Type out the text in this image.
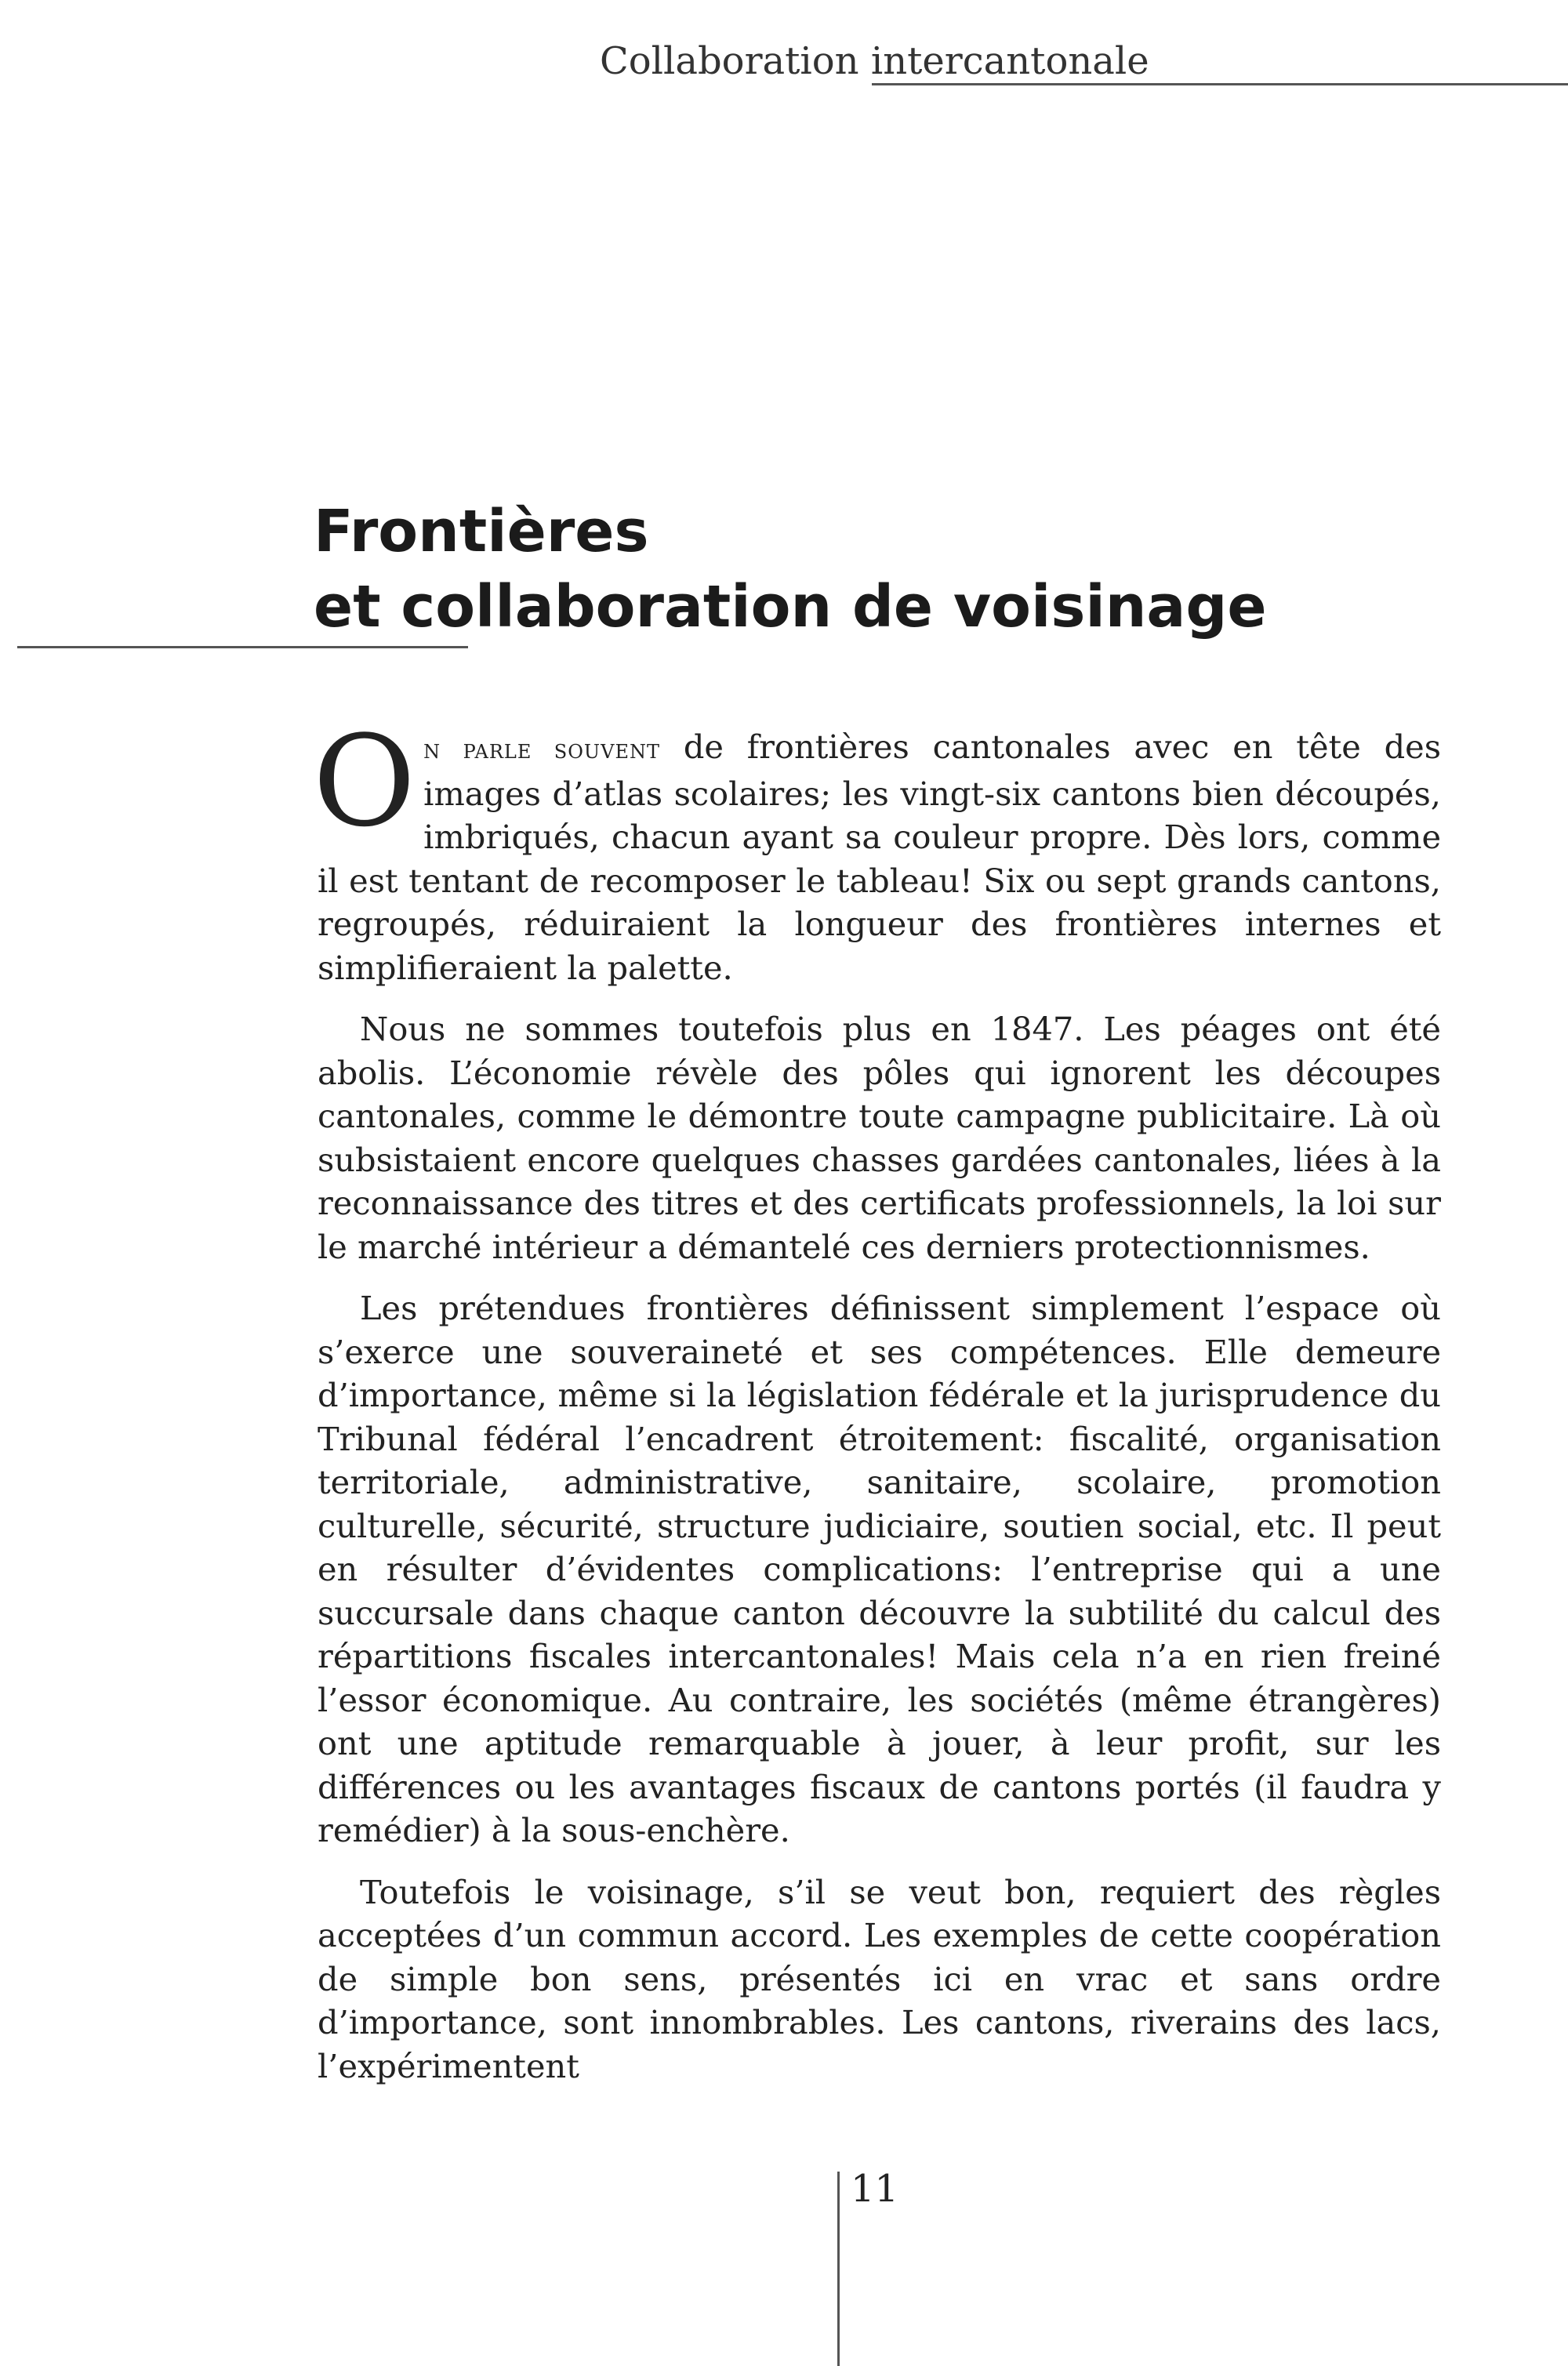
Collaboration intercantonale
Frontières
et collaboration de voisinage

On parle souvent de frontières cantonales avec en tête des images d’atlas scolaires; les vingt-six cantons bien découpés, imbriqués, chacun ayant sa couleur propre. Dès lors, comme il est tentant de recomposer le tableau! Six ou sept grands cantons, regroupés, réduiraient la longueur des frontières internes et simplifieraient la palette.

Nous ne sommes toutefois plus en 1847. Les péages ont été abolis. L’économie révèle des pôles qui ignorent les découpes cantonales, comme le démontre toute campagne publicitaire. Là où subsistaient encore quelques chasses gardées cantonales, liées à la reconnaissance des titres et des certificats professionnels, la loi sur le marché intérieur a démantelé ces derniers protectionnismes.

Les prétendues frontières définissent simplement l’espace où s’exerce une souveraineté et ses compétences. Elle demeure d’importance, même si la législation fédérale et la jurisprudence du Tribunal fédéral l’encadrent étroitement: fiscalité, organisation territoriale, administrative, sanitaire, scolaire, promotion culturelle, sécurité, structure judiciaire, soutien social, etc. Il peut en résulter d’évidentes complications: l’entreprise qui a une succursale dans chaque canton découvre la subtilité du calcul des répartitions fiscales intercantonales! Mais cela n’a en rien freiné l’essor économique. Au contraire, les sociétés (même étrangères) ont une aptitude remarquable à jouer, à leur profit, sur les différences ou les avantages fiscaux de cantons portés (il faudra y remédier) à la sous-enchère.

Toutefois le voisinage, s’il se veut bon, requiert des règles acceptées d’un commun accord. Les exemples de cette coopération de simple bon sens, présentés ici en vrac et sans ordre d’importance, sont innombrables. Les cantons, riverains des lacs, l’expérimentent

11
